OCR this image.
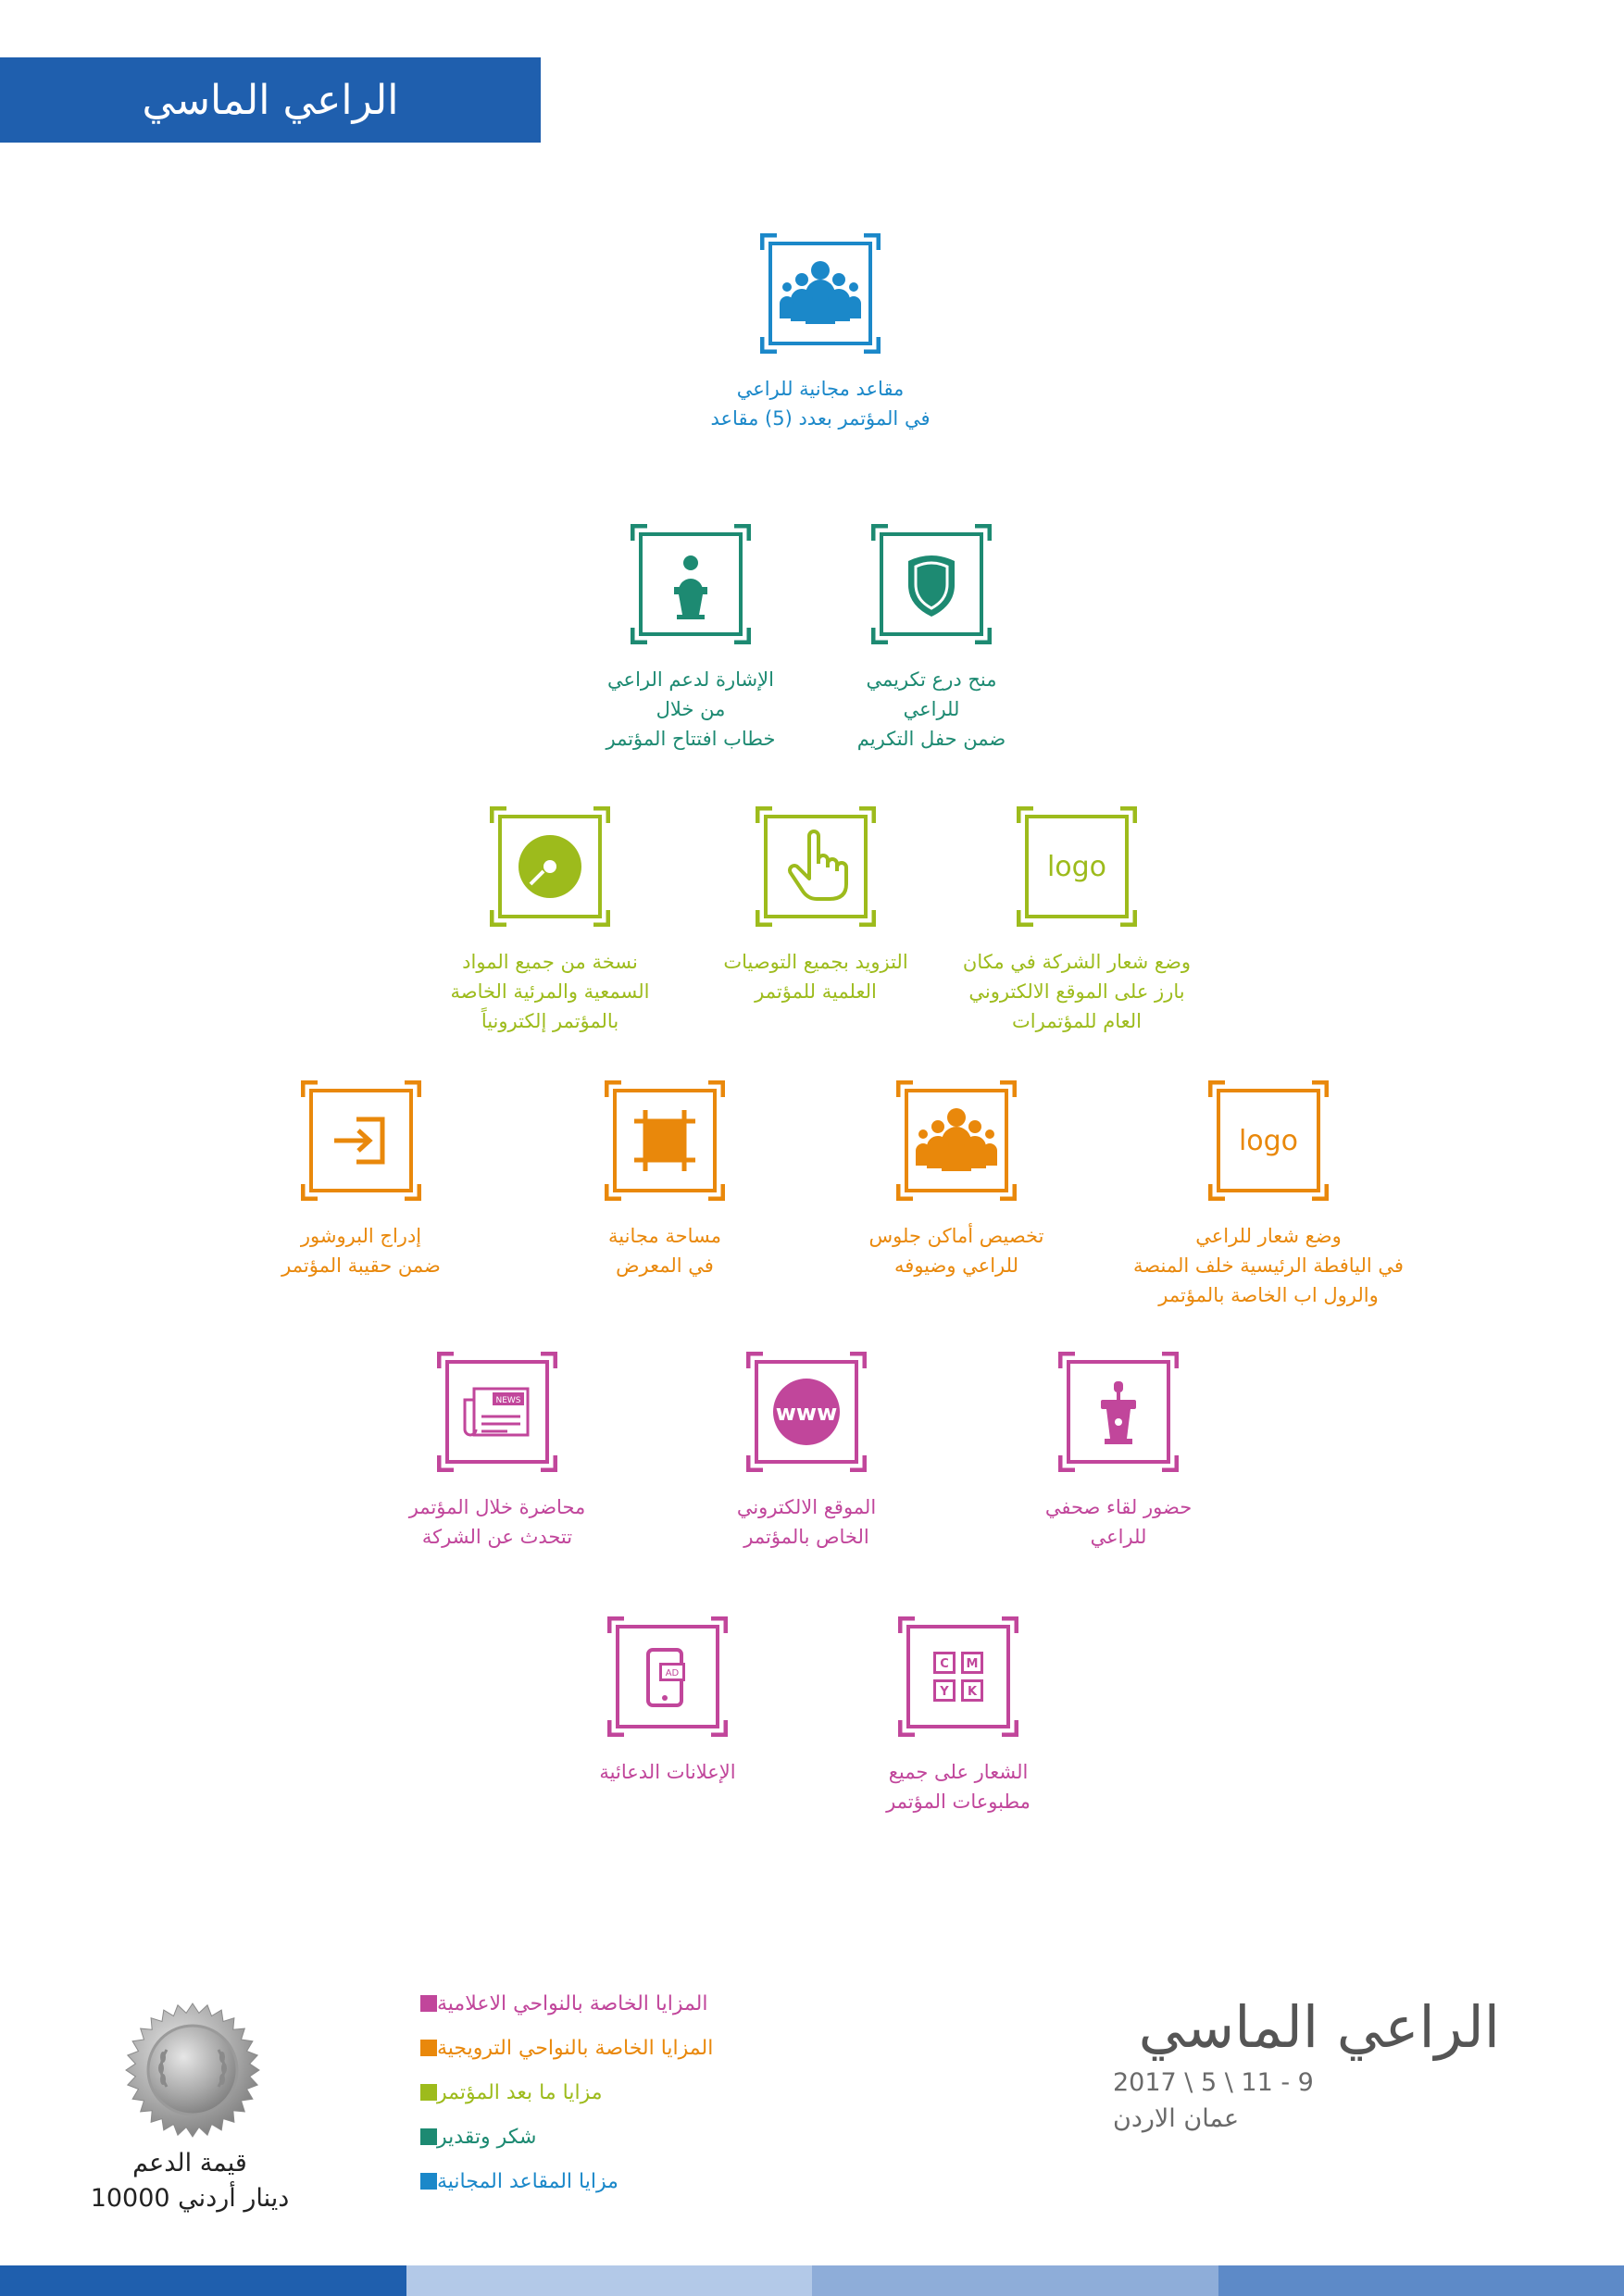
الراعي الماسي
مقاعد مجانية للراعي
في المؤتمر بعدد (5) مقاعد
الإشارة لدعم الراعي
من خلال
خطاب افتتاح المؤتمر
منح درع تكريمي
للراعي
ضمن حفل التكريم
نسخة من جميع المواد
السمعية والمرئية الخاصة
بالمؤتمر إلكترونياً
التزويد بجميع التوصيات
العلمية للمؤتمر
logo
وضع شعار الشركة في مكان
بارز على الموقع الالكتروني
العام للمؤتمرات
إدراج البروشور
ضمن حقيبة المؤتمر
مساحة مجانية
في المعرض
تخصيص أماكن جلوس
للراعي وضيوفه
logo
وضع شعار للراعي
في اليافطة الرئيسية خلف المنصة
والرول اب الخاصة بالمؤتمر
NEWS
محاضرة خلال المؤتمر
تتحدث عن الشركة
www
الموقع الالكتروني
الخاص بالمؤتمر
حضور لقاء صحفي
للراعي
AD
الإعلانات الدعائية
C M
Y K
الشعار على جميع
مطبوعات المؤتمر
المزايا الخاصة بالنواحي الاعلامية
المزايا الخاصة بالنواحي الترويجية
مزايا ما بعد المؤتمر
شكر وتقدير
مزايا المقاعد المجانية
الراعي الماسي
2017 \ 5 \ 11 - 9
عمان الاردن
قيمة الدعم
10000 دينار أردني
